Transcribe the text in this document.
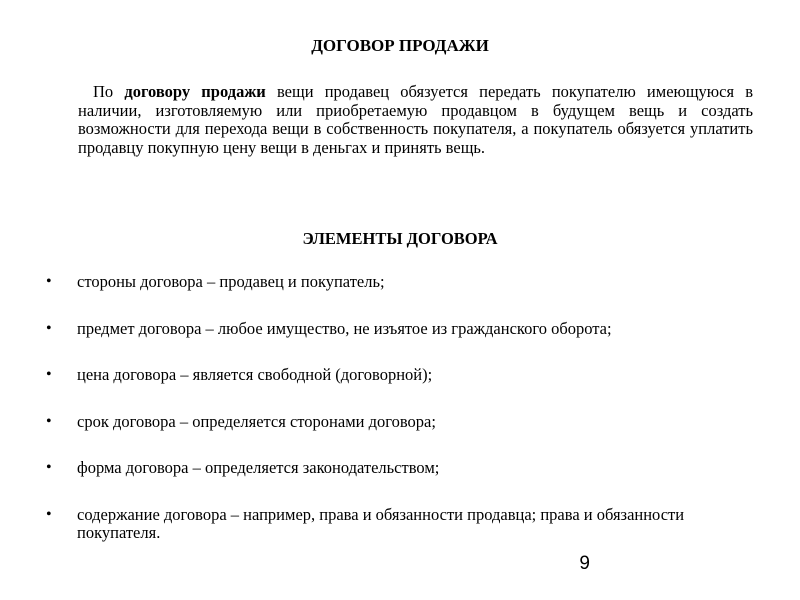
ДОГОВОР ПРОДАЖИ

По договору продажи вещи продавец обязуется передать покупателю имеющуюся в наличии, изготовляемую или приобретаемую продавцом в будущем вещь и создать возможности для перехода вещи в собственность покупателя, а покупатель обязуется уплатить продавцу покупную цену вещи в деньгах и принять вещь.

ЭЛЕМЕНТЫ ДОГОВОРА
• стороны договора – продавец и покупатель;
• предмет договора – любое имущество, не изъятое из гражданского оборота;
• цена договора – является свободной (договорной);
• срок договора – определяется сторонами договора;
• форма договора – определяется законодательством;
• содержание договора – например, права и обязанности продавца; права и обязанности покупателя.
9
